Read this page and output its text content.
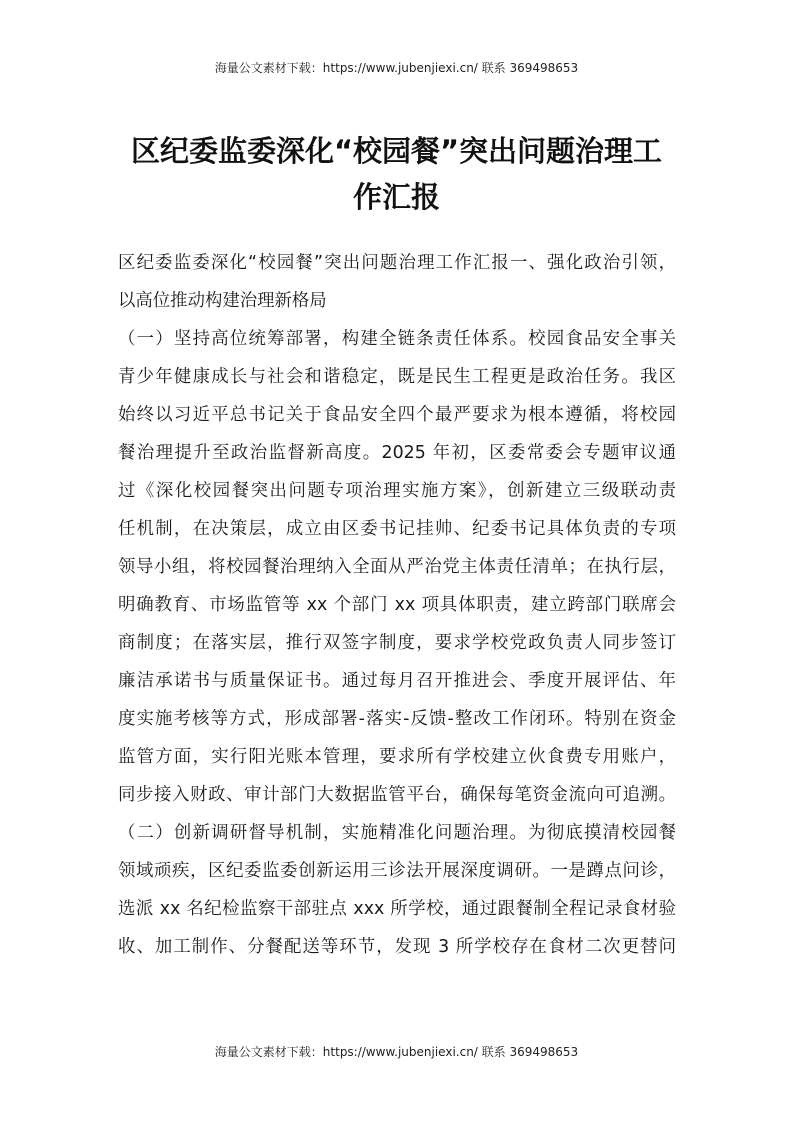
海量公文素材下载：https://www.jubenjiexi.cn/ 联系 369498653
区纪委监委深化“校园餐”突出问题治理工
作汇报
区纪委监委深化“校园餐”突出问题治理工作汇报一、强化政治引领，
以高位推动构建治理新格局
（一）坚持高位统筹部署，构建全链条责任体系。校园食品安全事关
青少年健康成长与社会和谐稳定，既是民生工程更是政治任务。我区
始终以习近平总书记关于食品安全四个最严要求为根本遵循，将校园
餐治理提升至政治监督新高度。2025 年初，区委常委会专题审议通
过《深化校园餐突出问题专项治理实施方案》，创新建立三级联动责
任机制，在决策层，成立由区委书记挂帅、纪委书记具体负责的专项
领导小组，将校园餐治理纳入全面从严治党主体责任清单；在执行层，
明确教育、市场监管等 xx 个部门 xx 项具体职责，建立跨部门联席会
商制度；在落实层，推行双签字制度，要求学校党政负责人同步签订
廉洁承诺书与质量保证书。通过每月召开推进会、季度开展评估、年
度实施考核等方式，形成部署-落实-反馈-整改工作闭环。特别在资金
监管方面，实行阳光账本管理，要求所有学校建立伙食费专用账户，
同步接入财政、审计部门大数据监管平台，确保每笔资金流向可追溯。
（二）创新调研督导机制，实施精准化问题治理。为彻底摸清校园餐
领域顽疾，区纪委监委创新运用三诊法开展深度调研。一是蹲点问诊，
选派 xx 名纪检监察干部驻点 xxx 所学校，通过跟餐制全程记录食材验
收、加工制作、分餐配送等环节，发现 3 所学校存在食材二次更替问
海量公文素材下载：https://www.jubenjiexi.cn/ 联系 369498653
